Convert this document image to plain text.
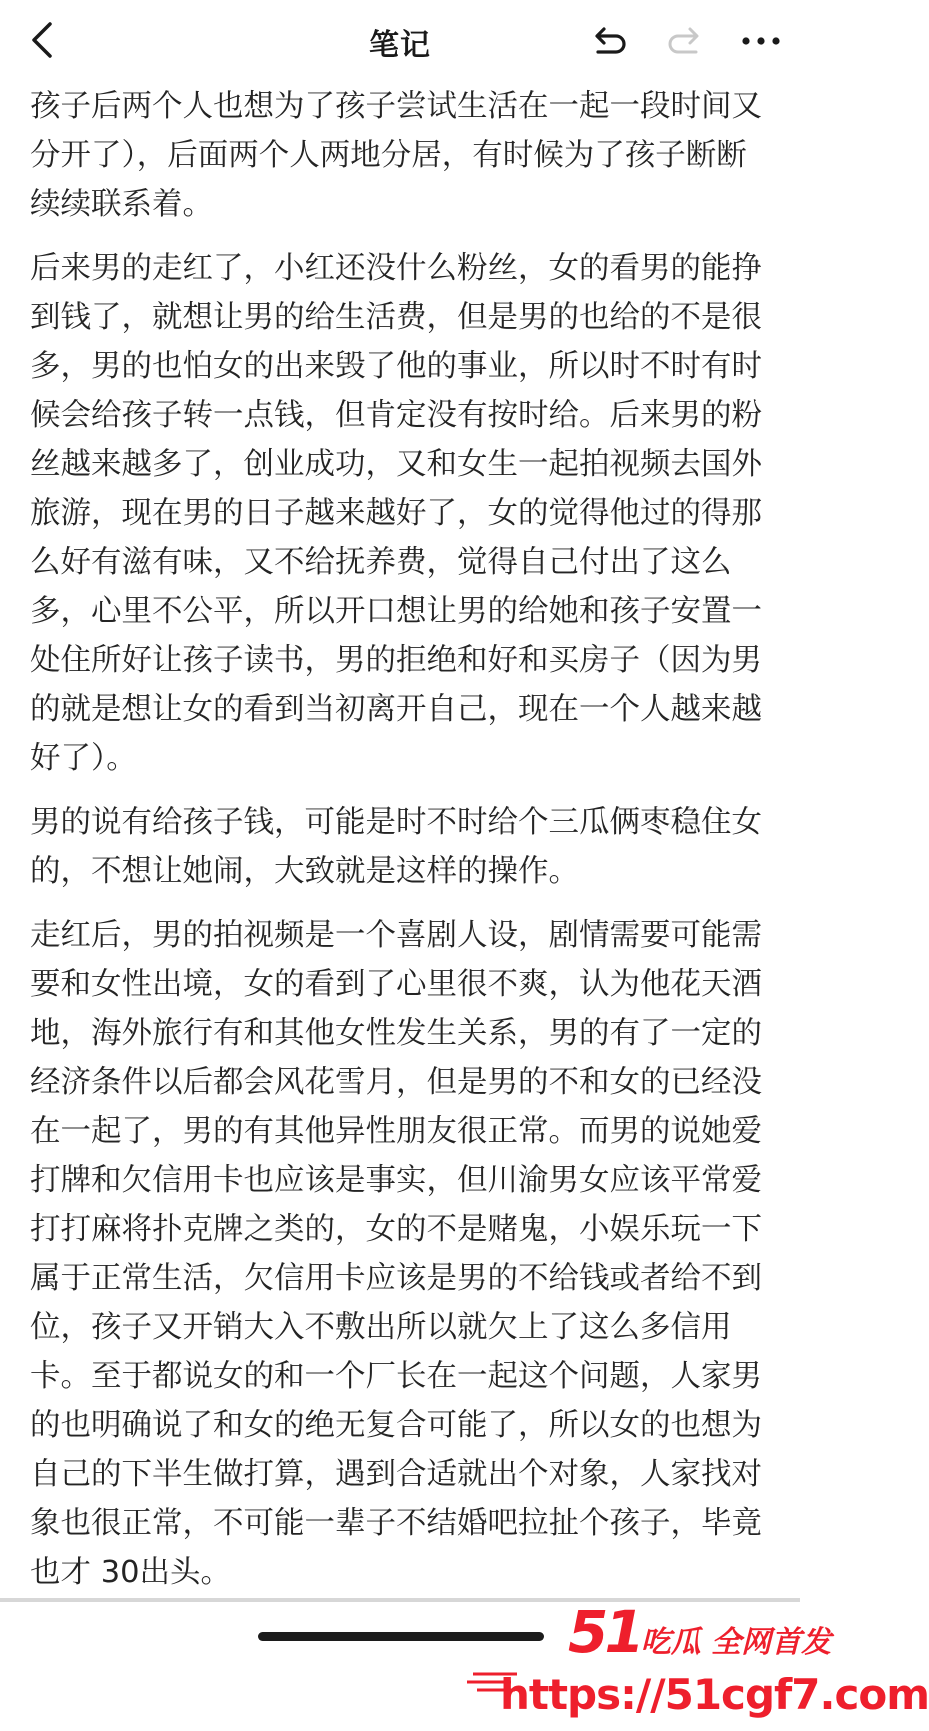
笔记

孩子后两个人也想为了孩子尝试生活在一起一段时间又分开了），后面两个人两地分居，有时候为了孩子断断续续联系着。

后来男的走红了，小红还没什么粉丝，女的看男的能挣到钱了，就想让男的给生活费，但是男的也给的不是很多，男的也怕女的出来毁了他的事业，所以时不时有时候会给孩子转一点钱，但肯定没有按时给。后来男的粉丝越来越多了，创业成功，又和女生一起拍视频去国外旅游，现在男的日子越来越好了，女的觉得他过的得那么好有滋有味，又不给抚养费，觉得自己付出了这么多，心里不公平，所以开口想让男的给她和孩子安置一处住所好让孩子读书，男的拒绝和好和买房子（因为男的就是想让女的看到当初离开自己，现在一个人越来越好了）。

男的说有给孩子钱，可能是时不时给个三瓜俩枣稳住女的，不想让她闹，大致就是这样的操作。

走红后，男的拍视频是一个喜剧人设，剧情需要可能需要和女性出境，女的看到了心里很不爽，认为他花天酒地，海外旅行有和其他女性发生关系，男的有了一定的经济条件以后都会风花雪月，但是男的不和女的已经没在一起了，男的有其他异性朋友很正常。而男的说她爱打牌和欠信用卡也应该是事实，但川渝男女应该平常爱打打麻将扑克牌之类的，女的不是赌鬼，小娱乐玩一下属于正常生活，欠信用卡应该是男的不给钱或者给不到位，孩子又开销大入不敷出所以就欠上了这么多信用卡。至于都说女的和一个厂长在一起这个问题，人家男的也明确说了和女的绝无复合可能了，所以女的也想为自己的下半生做打算，遇到合适就出个对象，人家找对象也很正常，不可能一辈子不结婚吧拉扯个孩子，毕竟也才 30出头。

51吃瓜 全网首发
https://51cgf7.com
